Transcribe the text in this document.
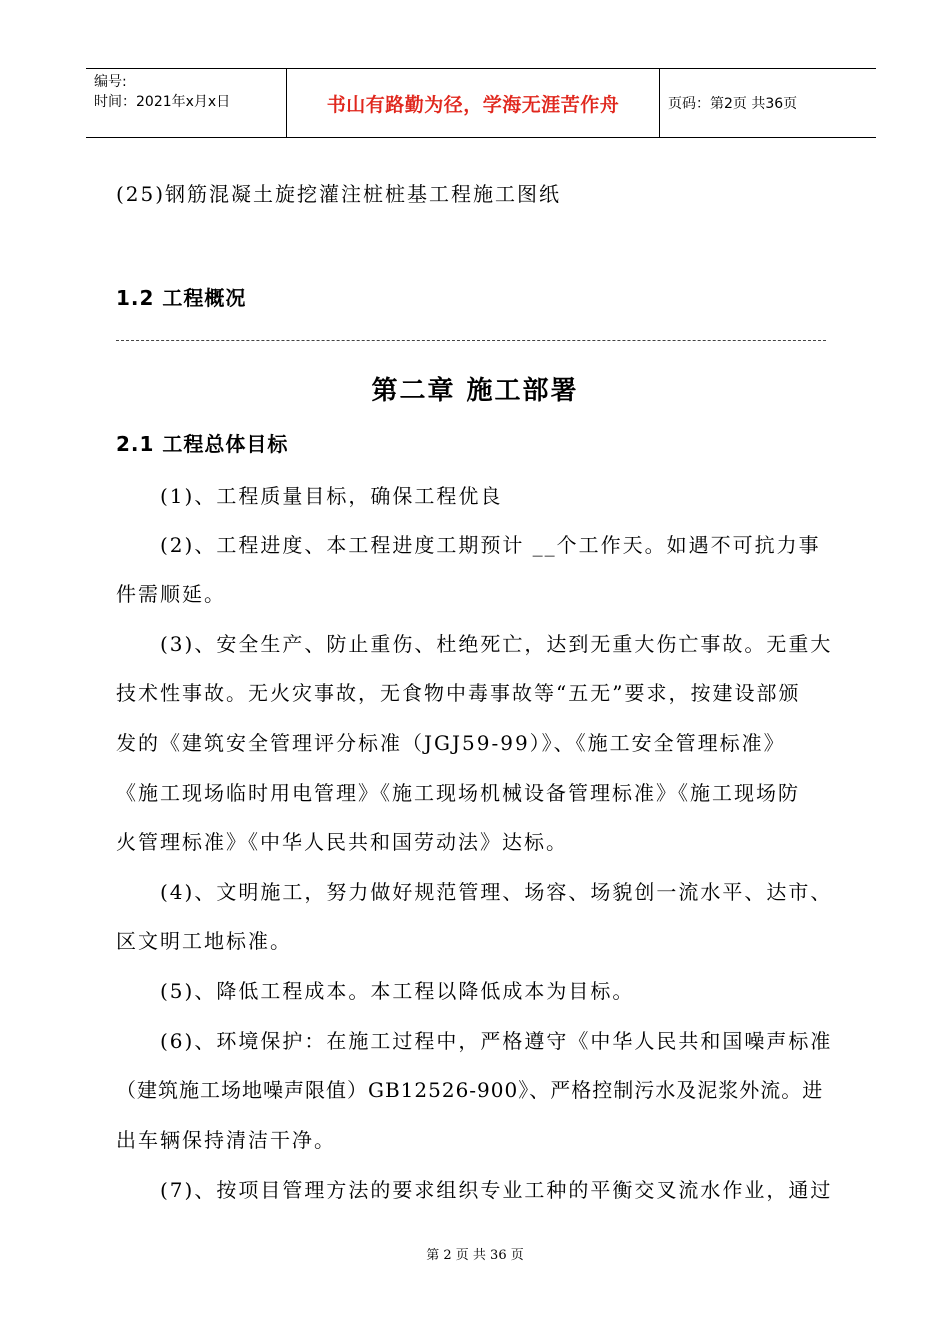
编号:
时间：2021年x月x日	书山有路勤为径，学海无涯苦作舟	页码：第2页 共36页
(25)钢筋混凝土旋挖灌注桩桩基工程施工图纸
1.2 工程概况
第二章 施工部署
2.1 工程总体目标
(1)、工程质量目标，确保工程优良
(2)、工程进度、本工程进度工期预计 __个工作天。如遇不可抗力事
件需顺延。
(3)、安全生产、防止重伤、杜绝死亡，达到无重大伤亡事故。无重大
技术性事故。无火灾事故，无食物中毒事故等“五无”要求，按建设部颁
发的《建筑安全管理评分标准（JGJ59-99）》、《施工安全管理标准》
《施工现场临时用电管理》《施工现场机械设备管理标准》《施工现场防
火管理标准》《中华人民共和国劳动法》达标。
(4)、文明施工，努力做好规范管理、场容、场貌创一流水平、达市、
区文明工地标准。
(5)、降低工程成本。本工程以降低成本为目标。
(6)、环境保护：在施工过程中，严格遵守《中华人民共和国噪声标准
（建筑施工场地噪声限值）GB12526-900》、严格控制污水及泥浆外流。进
出车辆保持清洁干净。
(7)、按项目管理方法的要求组织专业工种的平衡交叉流水作业，通过
第 2 页 共 36 页
